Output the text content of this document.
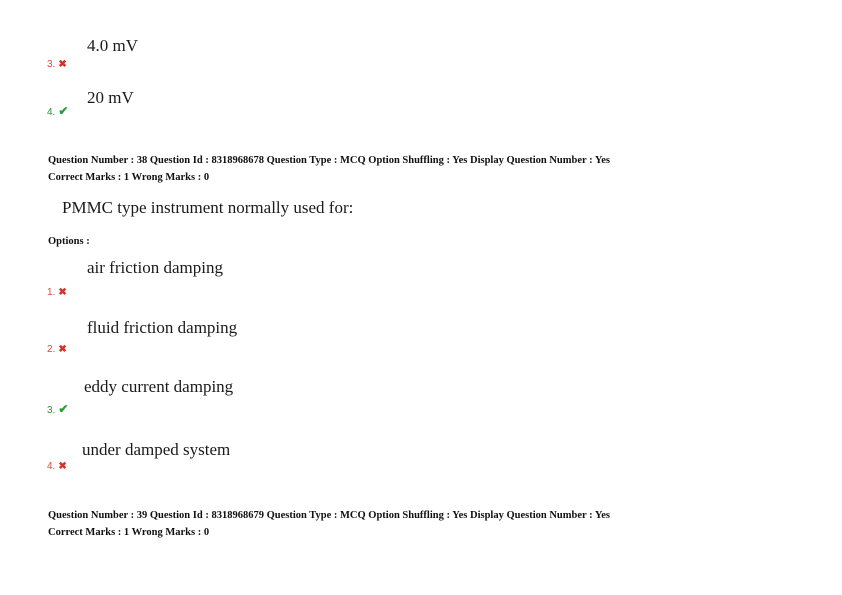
4.0 mV
3. ✖
20 mV
4. ✔
Question Number : 38 Question Id : 8318968678 Question Type : MCQ Option Shuffling : Yes Display Question Number : Yes
Correct Marks : 1 Wrong Marks : 0
PMMC type instrument normally used for:
Options :
air friction damping
1. ✖
fluid friction damping
2. ✖
eddy current damping
3. ✔
under damped system
4. ✖
Question Number : 39 Question Id : 8318968679 Question Type : MCQ Option Shuffling : Yes Display Question Number : Yes
Correct Marks : 1 Wrong Marks : 0
